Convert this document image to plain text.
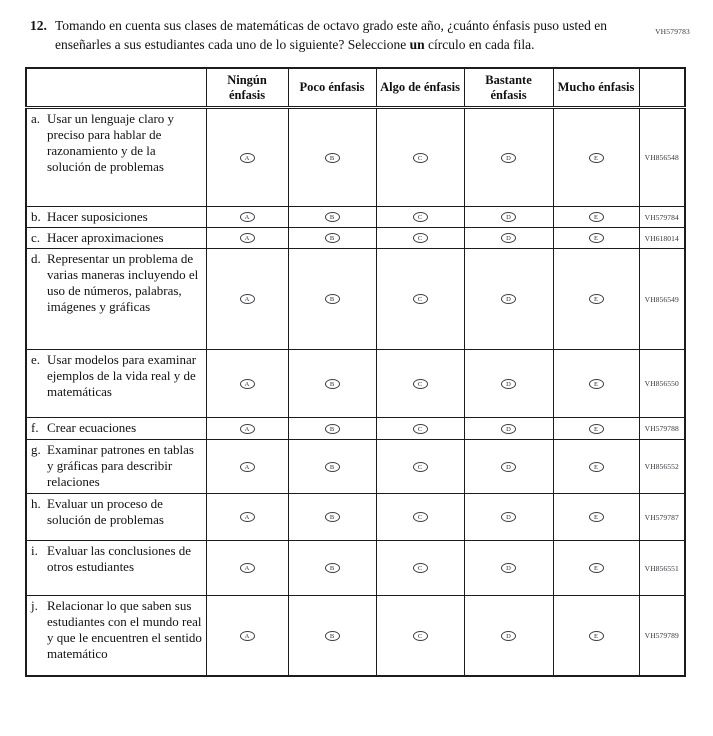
VH579783
12. Tomando en cuenta sus clases de matemáticas de octavo grado este año, ¿cuánto énfasis puso usted en enseñarles a sus estudiantes cada uno de lo siguiente? Seleccione un círculo en cada fila.
	Ningún énfasis	Poco énfasis	Algo de énfasis	Bastante énfasis	Mucho énfasis	

a. Usar un lenguaje claro y preciso para hablar de razonamiento y de la solución de problemas	A	B	C	D	E	VH856548

b. Hacer suposiciones	A	B	C	D	E	VH579784

c. Hacer aproximaciones	A	B	C	D	E	VH618014

d. Representar un problema de varias maneras incluyendo el uso de números, palabras, imágenes y gráficas	A	B	C	D	E	VH856549

e. Usar modelos para examinar ejemplos de la vida real y de matemáticas	A	B	C	D	E	VH856550

f. Crear ecuaciones	A	B	C	D	E	VH579788

g. Examinar patrones en tablas y gráficas para describir relaciones	A	B	C	D	E	VH856552

h. Evaluar un proceso de solución de problemas	A	B	C	D	E	VH579787

i. Evaluar las conclusiones de otros estudiantes	A	B	C	D	E	VH856551

j. Relacionar lo que saben sus estudiantes con el mundo real y que le encuentren el sentido matemático	A	B	C	D	E	VH579789
